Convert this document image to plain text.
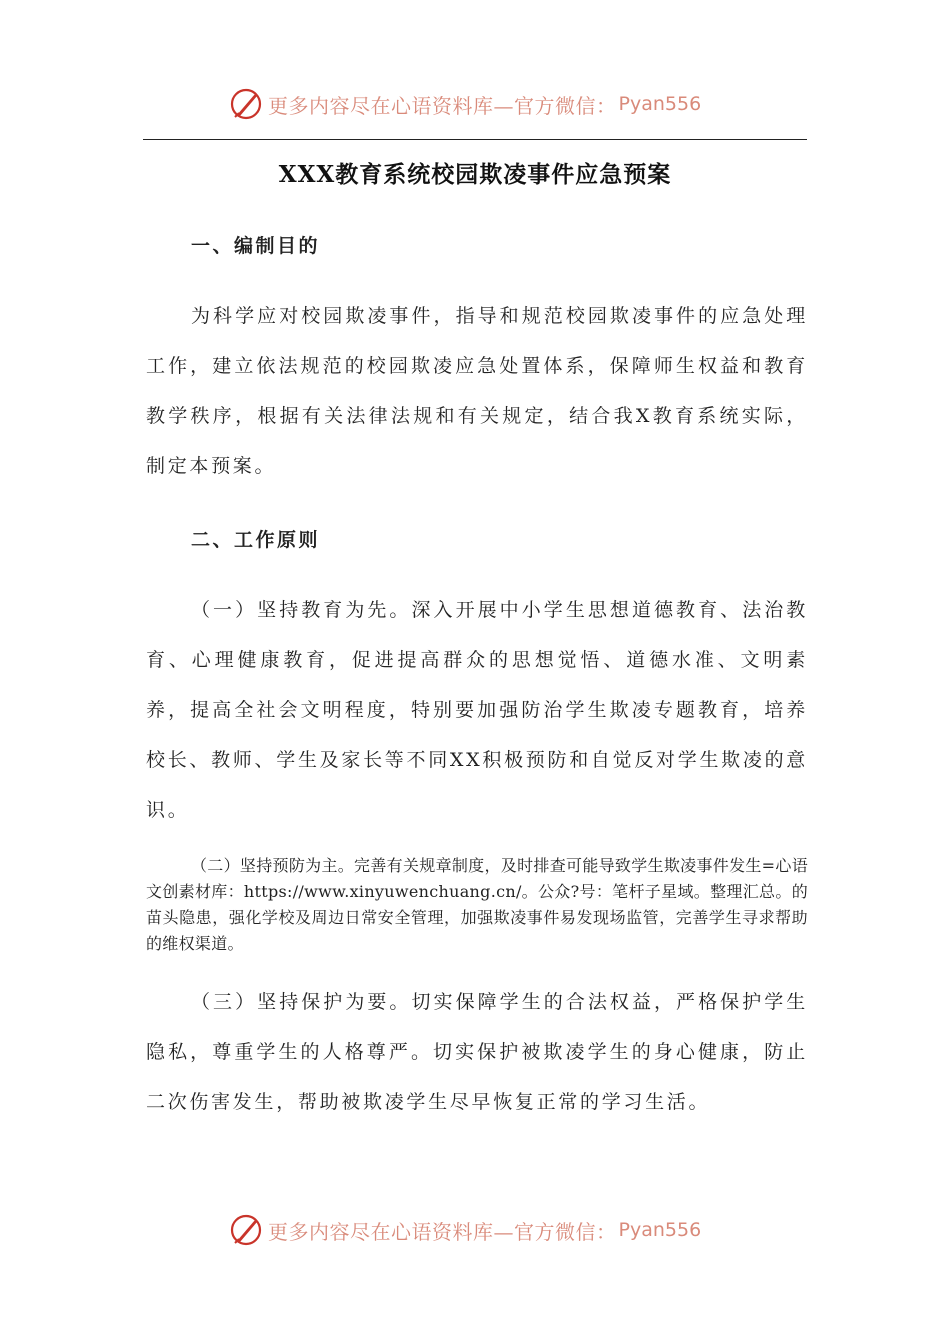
更多内容尽在心语资料库—官方微信： Pyan556
XXX教育系统校园欺凌事件应急预案
一、编制目的

为科学应对校园欺凌事件，指导和规范校园欺凌事件的应急处理工作，建立依法规范的校园欺凌应急处置体系，保障师生权益和教育教学秩序，根据有关法律法规和有关规定，结合我X教育系统实际，制定本预案。

二、工作原则

（一）坚持教育为先。深入开展中小学生思想道德教育、法治教育、心理健康教育，促进提高群众的思想觉悟、道德水准、文明素养，提高全社会文明程度，特别要加强防治学生欺凌专题教育，培养校长、教师、学生及家长等不同XX积极预防和自觉反对学生欺凌的意识。

（二）坚持预防为主。完善有关规章制度，及时排查可能导致学生欺凌事件发生=心语文创素材库：https://www.xinyuwenchuang.cn/。公众?号：笔杆子星域。整理汇总。的苗头隐患，强化学校及周边日常安全管理，加强欺凌事件易发现场监管，完善学生寻求帮助的维权渠道。

（三）坚持保护为要。切实保障学生的合法权益，严格保护学生隐私，尊重学生的人格尊严。切实保护被欺凌学生的身心健康，防止二次伤害发生，帮助被欺凌学生尽早恢复正常的学习生活。

更多内容尽在心语资料库—官方微信： Pyan556
